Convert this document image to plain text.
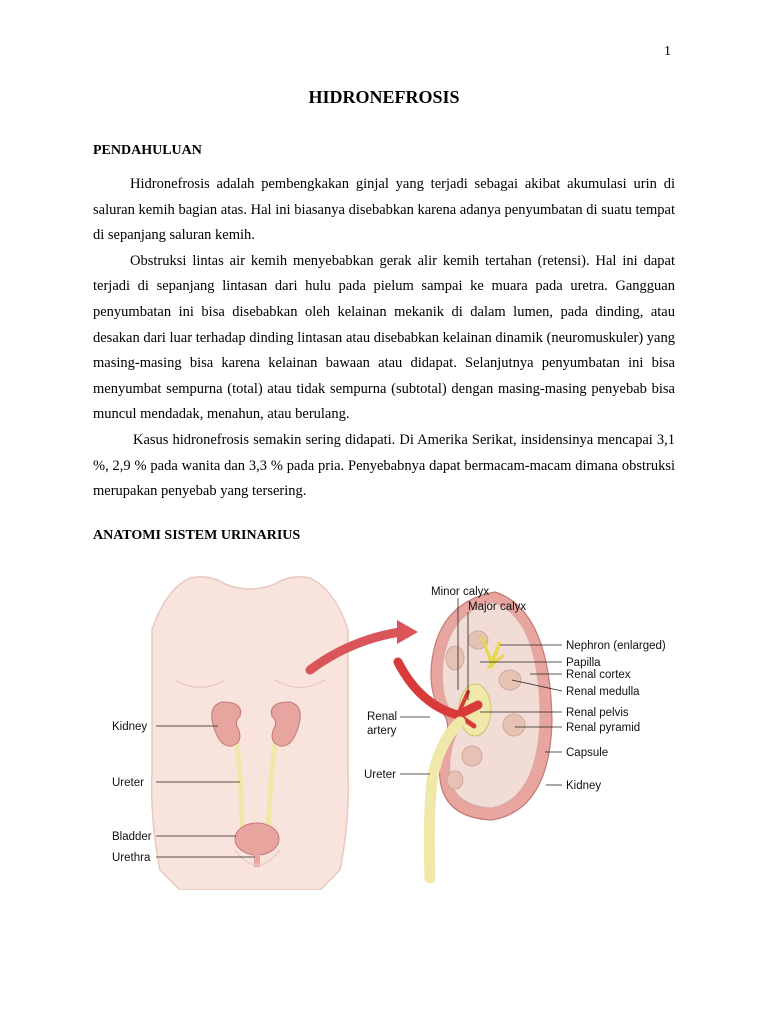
1
HIDRONEFROSIS
PENDAHULUAN

Hidronefrosis adalah pembengkakan ginjal yang terjadi sebagai akibat akumulasi urin di saluran kemih bagian atas. Hal ini biasanya disebabkan karena adanya penyumbatan di suatu tempat di sepanjang saluran kemih.

Obstruksi lintas air kemih menyebabkan gerak alir kemih tertahan (retensi). Hal ini dapat terjadi di sepanjang lintasan dari hulu pada pielum sampai ke muara pada uretra. Gangguan penyumbatan ini bisa disebabkan oleh kelainan mekanik di dalam lumen, pada dinding, atau desakan dari luar terhadap dinding lintasan atau disebabkan kelainan dinamik (neuromuskuler) yang masing-masing bisa karena kelainan bawaan atau didapat. Selanjutnya penyumbatan ini bisa menyumbat sempurna (total) atau tidak sempurna (subtotal) dengan masing-masing penyebab bisa muncul mendadak, menahun, atau berulang.

Kasus hidronefrosis semakin sering didapati. Di Amerika Serikat, insidensinya mencapai 3,1 %, 2,9 % pada wanita dan 3,3 % pada pria. Penyebabnya dapat bermacam-macam dimana obstruksi merupakan penyebab yang tersering.

ANATOMI SISTEM URINARIUS
Kidney
Ureter
Bladder
Urethra
Minor calyx
Major calyx
Nephron (enlarged)
Papilla
Renal cortex
Renal medulla
Renal
artery
Renal pelvis
Renal pyramid
Capsule
Ureter
Kidney
